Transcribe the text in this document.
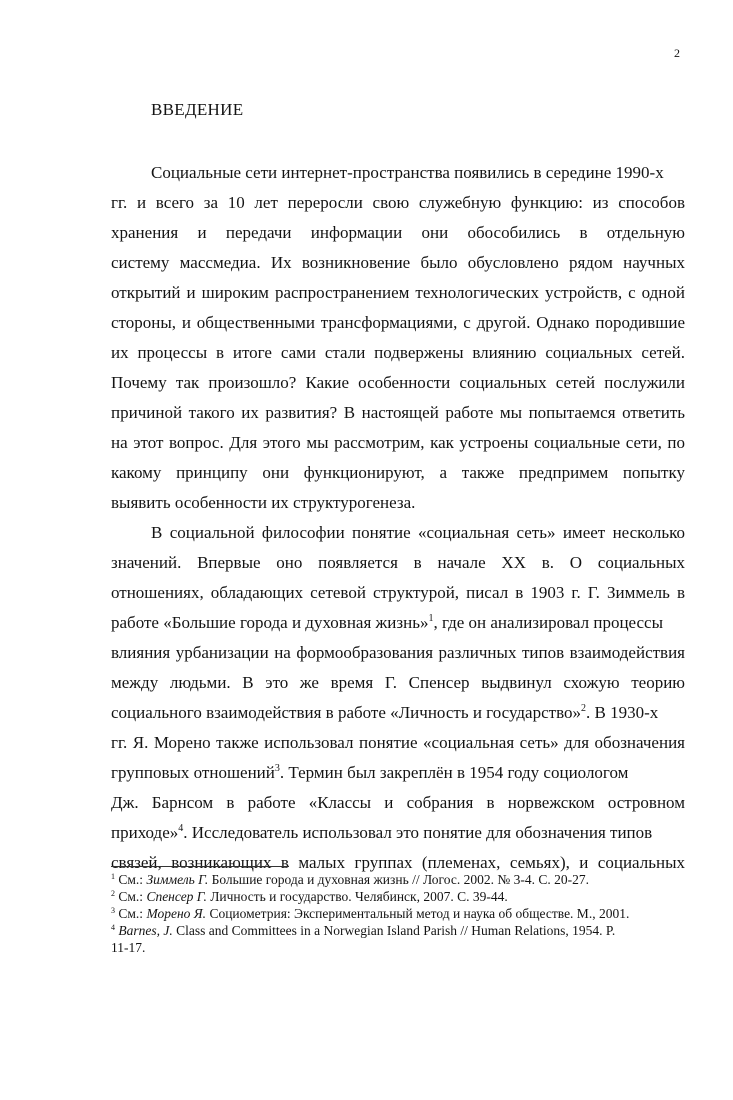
2
ВВЕДЕНИЕ
Социальные сети интернет-пространства появились в середине 1990-х
гг. и всего за 10 лет переросли свою служебную функцию: из способов
хранения и передачи информации они обособились в отдельную
систему массмедиа. Их возникновение было обусловлено рядом научных
открытий и широким распространением технологических устройств, с одной
стороны, и общественными трансформациями, с другой. Однако породившие
их процессы в итоге сами стали подвержены влиянию социальных сетей.
Почему так произошло? Какие особенности социальных сетей послужили
причиной такого их развития? В настоящей работе мы попытаемся ответить
на этот вопрос. Для этого мы рассмотрим, как устроены социальные сети, по
какому принципу они функционируют, а также предпримем попытку
выявить особенности их структурогенеза.
В социальной философии понятие «социальная сеть» имеет несколько
значений. Впервые оно появляется в начале XX в. О социальных
отношениях, обладающих сетевой структурой, писал в 1903 г. Г. Зиммель в
работе «Большие города и духовная жизнь»$^1$, где он анализировал процессы
влияния урбанизации на формообразования различных типов взаимодействия
между людьми. В это же время Г. Спенсер выдвинул схожую теорию
социального взаимодействия в работе «Личность и государство»$^2$. В 1930-х
гг. Я. Морено также использовал понятие «социальная сеть» для обозначения
групповых отношений$^3$. Термин был закреплён в 1954 году социологом
Дж. Барнсом в работе «Классы и собрания в норвежском островном
приходе»$^4$. Исследователь использовал это понятие для обозначения типов
связей, возникающих в малых группах (племенах, семьях), и социальных
$^1$ См.: Зиммель Г. Большие города и духовная жизнь // Логос. 2002. № 3-4. С. 20-27.
$^2$ См.: Спенсер Г. Личность и государство. Челябинск, 2007. С. 39-44.
$^3$ См.: Морено Я. Социометрия: Экспериментальный метод и наука об обществе. М., 2001.
$^4$ Barnes, J. Class and Committees in a Norwegian Island Parish // Human Relations, 1954. P.
11-17.
